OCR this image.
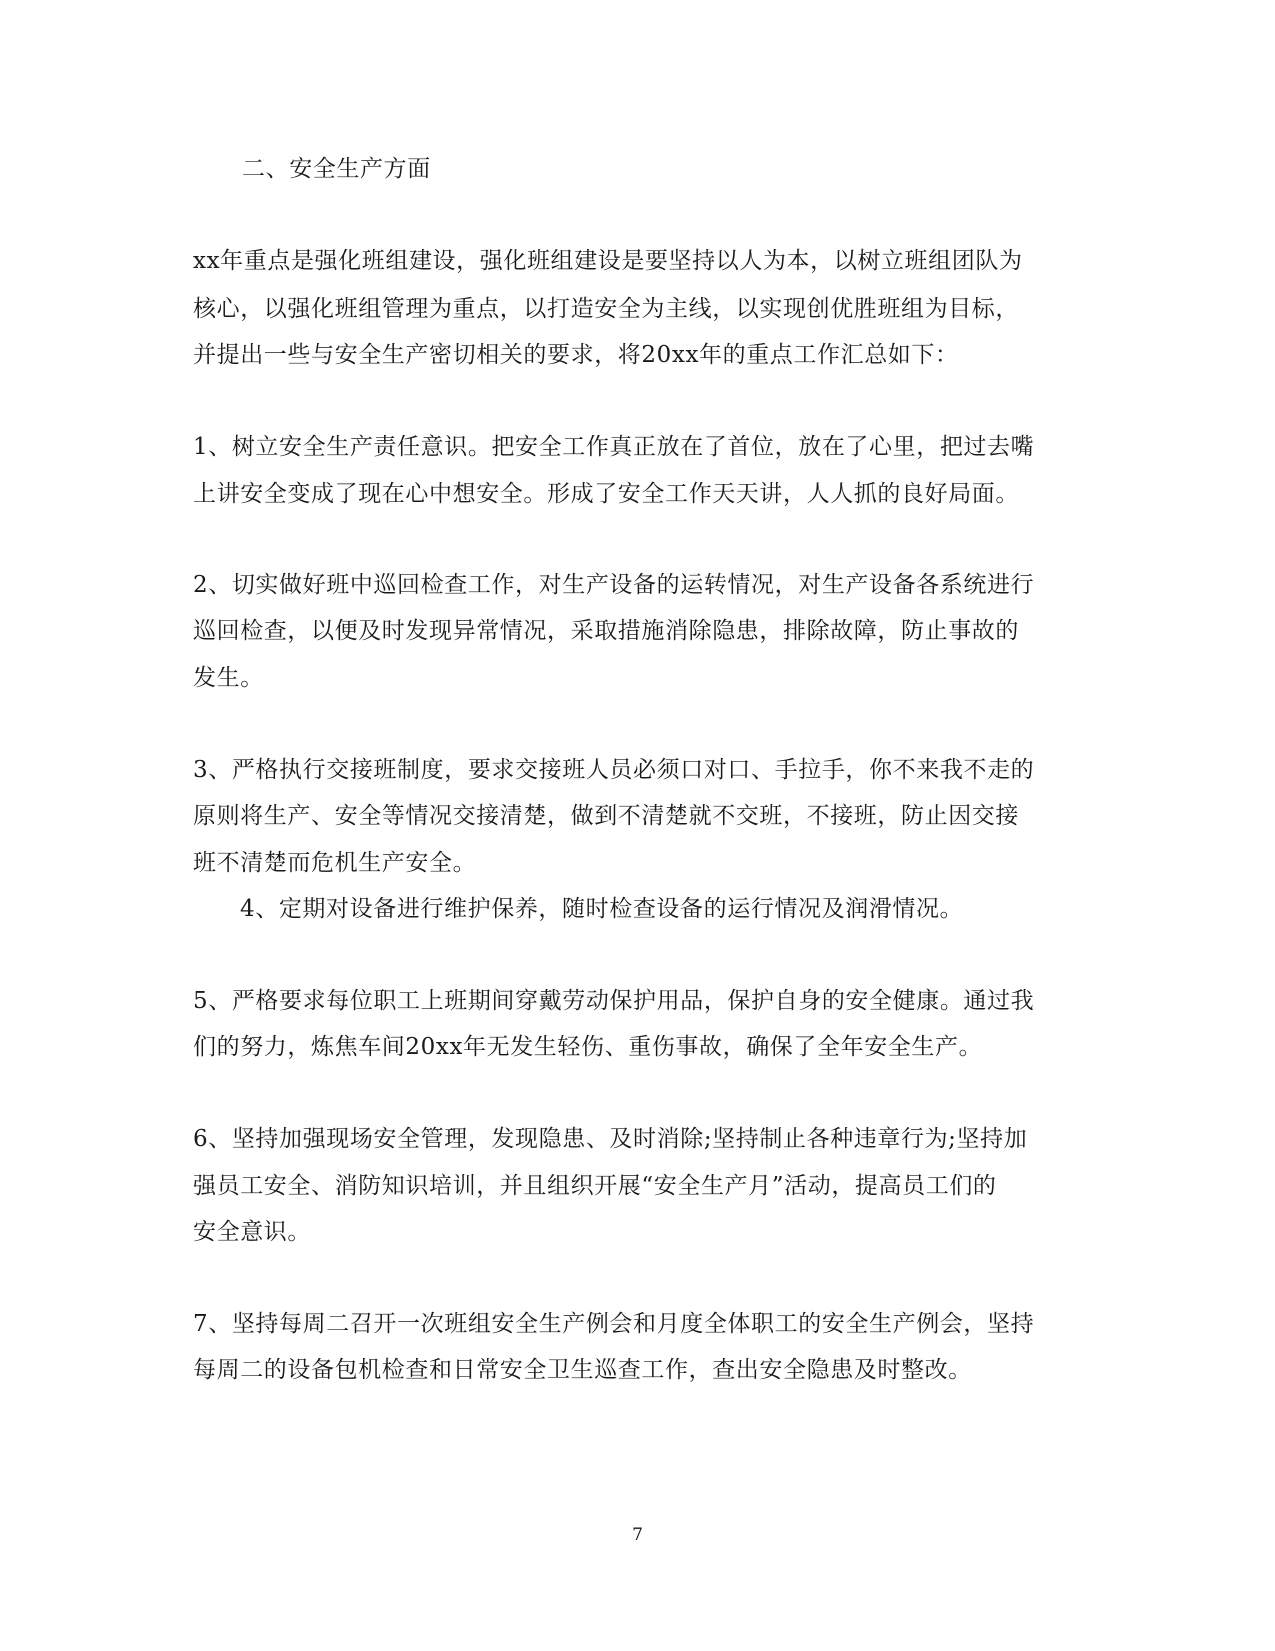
二、安全生产方面
xx年重点是强化班组建设，强化班组建设是要坚持以人为本，以树立班组团队为
核心，以强化班组管理为重点，以打造安全为主线，以实现创优胜班组为目标，
并提出一些与安全生产密切相关的要求，将20xx年的重点工作汇总如下：
1、树立安全生产责任意识。把安全工作真正放在了首位，放在了心里，把过去嘴
上讲安全变成了现在心中想安全。形成了安全工作天天讲，人人抓的良好局面。
2、切实做好班中巡回检查工作，对生产设备的运转情况，对生产设备各系统进行
巡回检查，以便及时发现异常情况，采取措施消除隐患，排除故障，防止事故的
发生。
3、严格执行交接班制度，要求交接班人员必须口对口、手拉手，你不来我不走的
原则将生产、安全等情况交接清楚，做到不清楚就不交班，不接班，防止因交接
班不清楚而危机生产安全。
4、定期对设备进行维护保养，随时检查设备的运行情况及润滑情况。
5、严格要求每位职工上班期间穿戴劳动保护用品，保护自身的安全健康。通过我
们的努力，炼焦车间20xx年无发生轻伤、重伤事故，确保了全年安全生产。
6、坚持加强现场安全管理，发现隐患、及时消除;坚持制止各种违章行为;坚持加
强员工安全、消防知识培训，并且组织开展“安全生产月”活动，提高员工们的
安全意识。
7、坚持每周二召开一次班组安全生产例会和月度全体职工的安全生产例会，坚持
每周二的设备包机检查和日常安全卫生巡查工作，查出安全隐患及时整改。
7
